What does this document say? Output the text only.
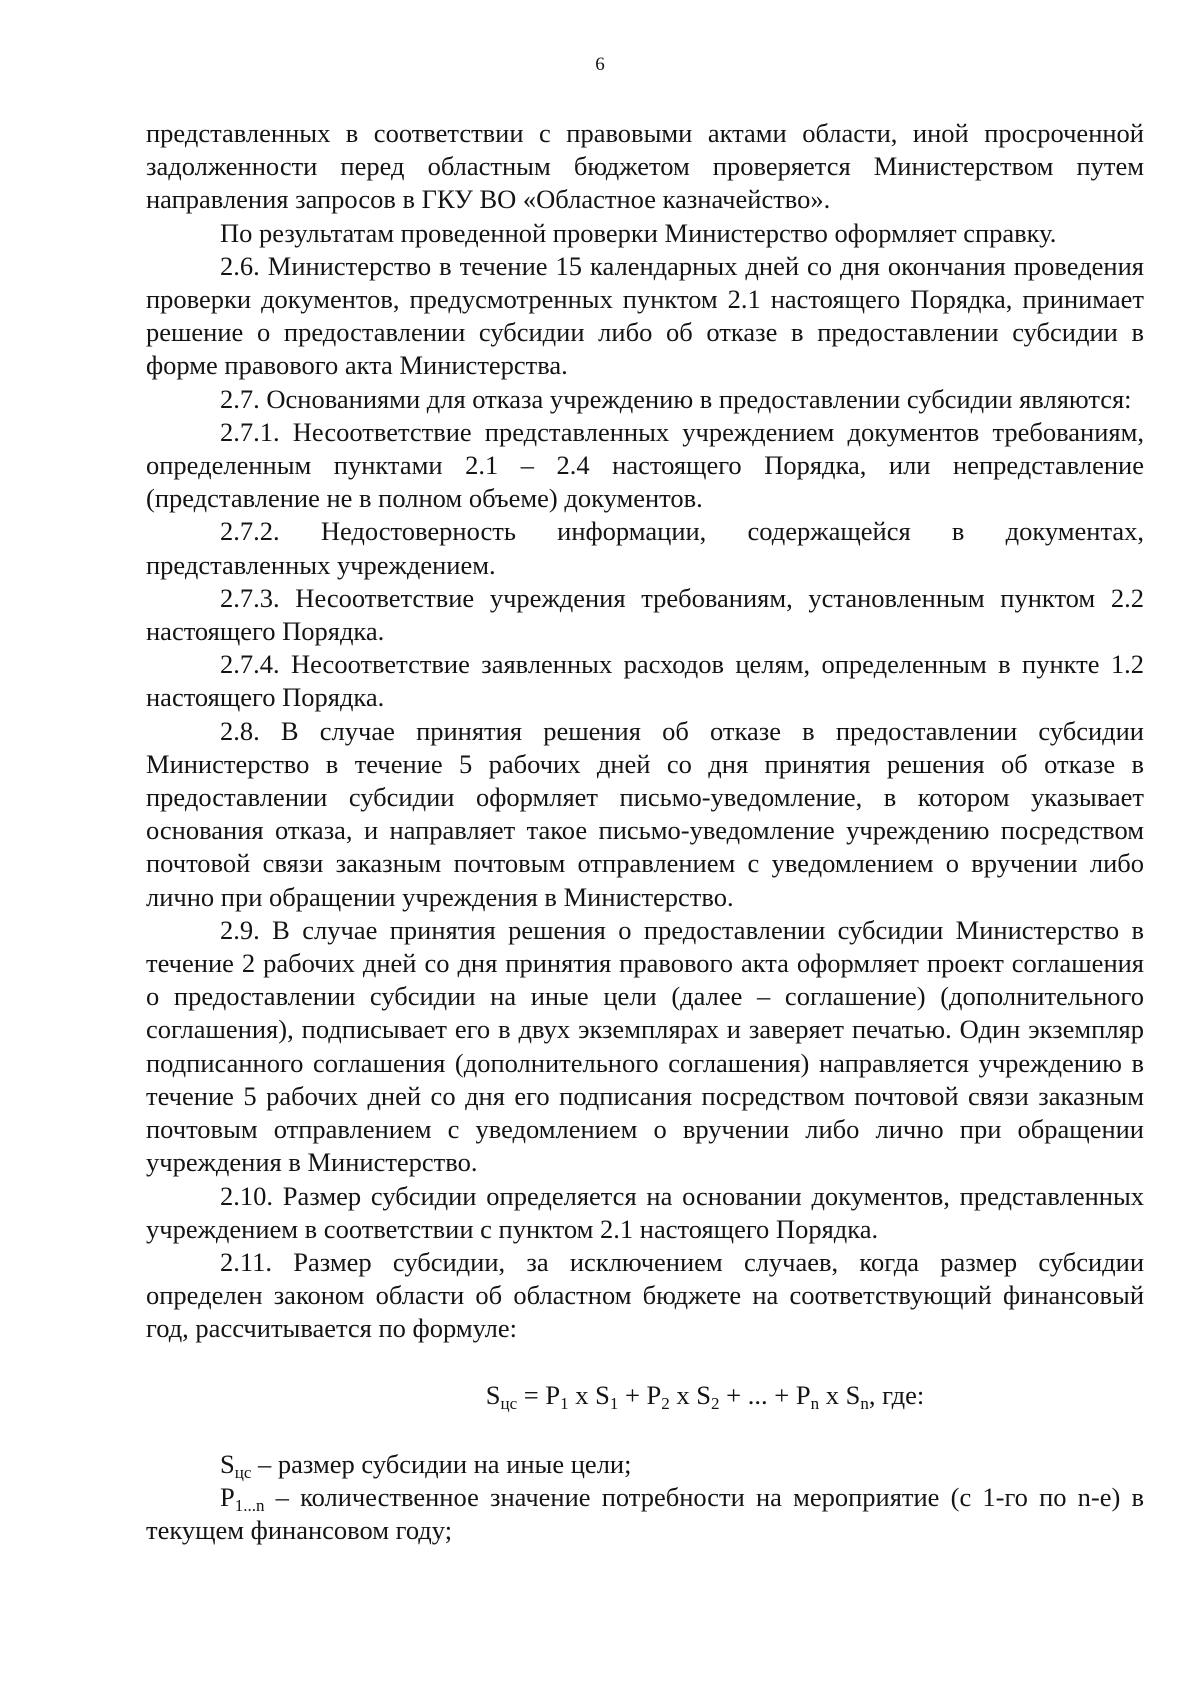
6

представленных в соответствии с правовыми актами области, иной просроченной задолженности перед областным бюджетом проверяется Министерством путем направления запросов в ГКУ ВО «Областное казначейство».

По результатам проведенной проверки Министерство оформляет справку.

2.6. Министерство в течение 15 календарных дней со дня окончания проведения проверки документов, предусмотренных пунктом 2.1 настоящего Порядка, принимает решение о предоставлении субсидии либо об отказе в предоставлении субсидии в форме правового акта Министерства.

2.7. Основаниями для отказа учреждению в предоставлении субсидии являются:

2.7.1. Несоответствие представленных учреждением документов требованиям, определенным пунктами 2.1 – 2.4 настоящего Порядка, или непредставление (представление не в полном объеме) документов.

2.7.2. Недостоверность информации, содержащейся в документах, представленных учреждением.

2.7.3. Несоответствие учреждения требованиям, установленным пунктом 2.2 настоящего Порядка.

2.7.4. Несоответствие заявленных расходов целям, определенным в пункте 1.2 настоящего Порядка.

2.8. В случае принятия решения об отказе в предоставлении субсидии Министерство в течение 5 рабочих дней со дня принятия решения об отказе в предоставлении субсидии оформляет письмо-уведомление, в котором указывает основания отказа, и направляет такое письмо-уведомление учреждению посредством почтовой связи заказным почтовым отправлением с уведомлением о вручении либо лично при обращении учреждения в Министерство.

2.9. В случае принятия решения о предоставлении субсидии Министерство в течение 2 рабочих дней со дня принятия правового акта оформляет проект соглашения о предоставлении субсидии на иные цели (далее – соглашение) (дополнительного соглашения), подписывает его в двух экземплярах и заверяет печатью. Один экземпляр подписанного соглашения (дополнительного соглашения) направляется учреждению в течение 5 рабочих дней со дня его подписания посредством почтовой связи заказным почтовым отправлением с уведомлением о вручении либо лично при обращении учреждения в Министерство.

2.10. Размер субсидии определяется на основании документов, представленных учреждением в соответствии с пунктом 2.1 настоящего Порядка.

2.11. Размер субсидии, за исключением случаев, когда размер субсидии определен законом области об областном бюджете на соответствующий финансовый год, рассчитывается по формуле:

$S_{цс} = P_1$ x $S_1 + P_2$ x $S_2$ + ... + $P_n$ x $S_n$, где:

$S_{цс}$ – размер субсидии на иные цели;

$P_{1...n}$ – количественное значение потребности на мероприятие (с 1-го по n-е) в текущем финансовом году;
